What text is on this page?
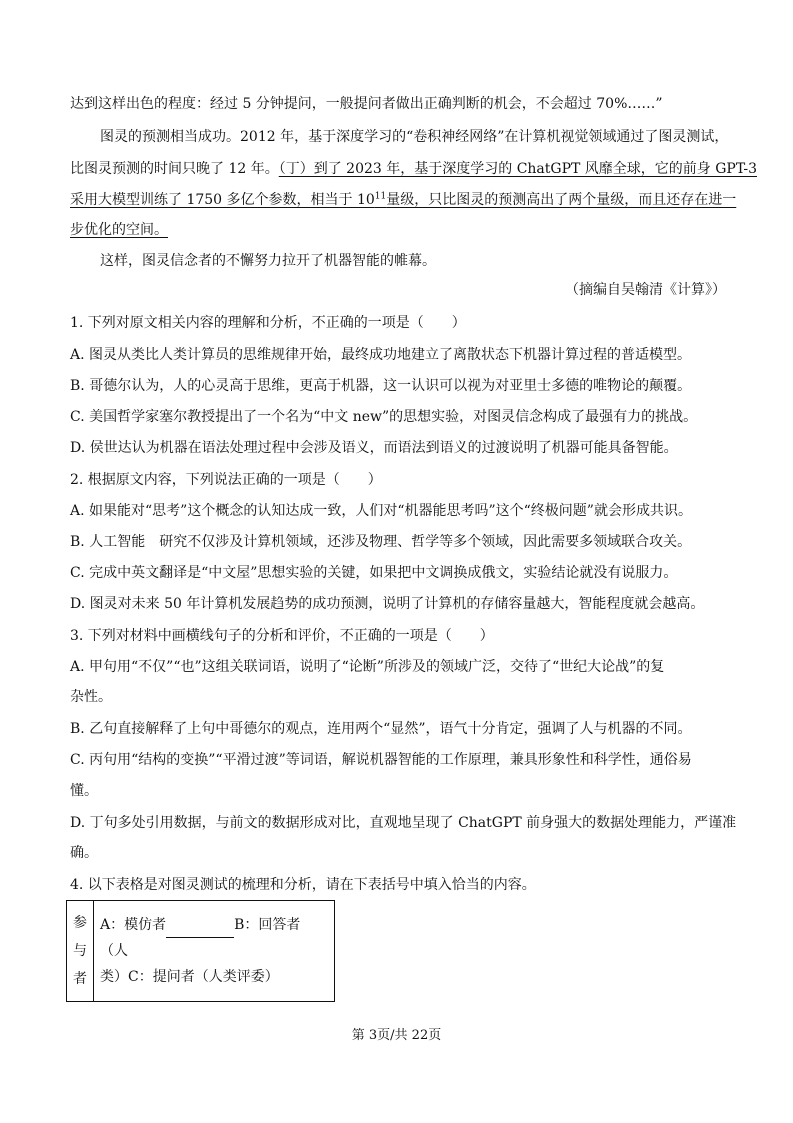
达到这样出色的程度：经过 5 分钟提问，一般提问者做出正确判断的机会，不会超过 70%……”
图灵的预测相当成功。2012 年，基于深度学习的“卷积神经网络”在计算机视觉领域通过了图灵测试，
比图灵预测的时间只晚了 12 年。（丁）到了 2023 年，基于深度学习的 ChatGPT 风靡全球，它的前身 GPT-3
采用大模型训练了 1750 多亿个参数，相当于 $10^{11}$量级，只比图灵的预测高出了两个量级，而且还存在进一
步优化的空间。
这样，图灵信念者的不懈努力拉开了机器智能的帷幕。
（摘编自吴翰清《计算》）
1. 下列对原文相关内容的理解和分析，不正确的一项是（　　）
A. 图灵从类比人类计算员的思维规律开始，最终成功地建立了离散状态下机器计算过程的普适模型。
B. 哥德尔认为，人的心灵高于思维，更高于机器，这一认识可以视为对亚里士多德的唯物论的颠覆。
C. 美国哲学家塞尔教授提出了一个名为“中文 new”的思想实验，对图灵信念构成了最强有力的挑战。
D. 侯世达认为机器在语法处理过程中会涉及语义，而语法到语义的过渡说明了机器可能具备智能。
2. 根据原文内容，下列说法正确的一项是（　　）
A. 如果能对“思考”这个概念的认知达成一致，人们对“机器能思考吗”这个“终极问题”就会形成共识。
B. 人工智能　研究不仅涉及计算机领域，还涉及物理、哲学等多个领域，因此需要多领域联合攻关。
C. 完成中英文翻译是“中文屋”思想实验的关键，如果把中文调换成俄文，实验结论就没有说服力。
D. 图灵对未来 50 年计算机发展趋势的成功预测，说明了计算机的存储容量越大，智能程度就会越高。
3. 下列对材料中画横线句子的分析和评价，不正确的一项是（　　）
A. 甲句用“不仅”“也”这组关联词语，说明了“论断”所涉及的领域广泛，交待了“世纪大论战”的复
杂性。
B. 乙句直接解释了上句中哥德尔的观点，连用两个“显然”，语气十分肯定，强调了人与机器的不同。
C. 丙句用“结构的变换”“平滑过渡”等词语，解说机器智能的工作原理，兼具形象性和科学性，通俗易
懂。
D. 丁句多处引用数据，与前文的数据形成对比，直观地呈现了 ChatGPT 前身强大的数据处理能力，严谨准
确。
4. 以下表格是对图灵测试的梳理和分析，请在下表括号中填入恰当的内容。
参
与
者

A：模仿者	B：回答者（人
类）C：提问者（人类评委）
第 3页/共 22页
